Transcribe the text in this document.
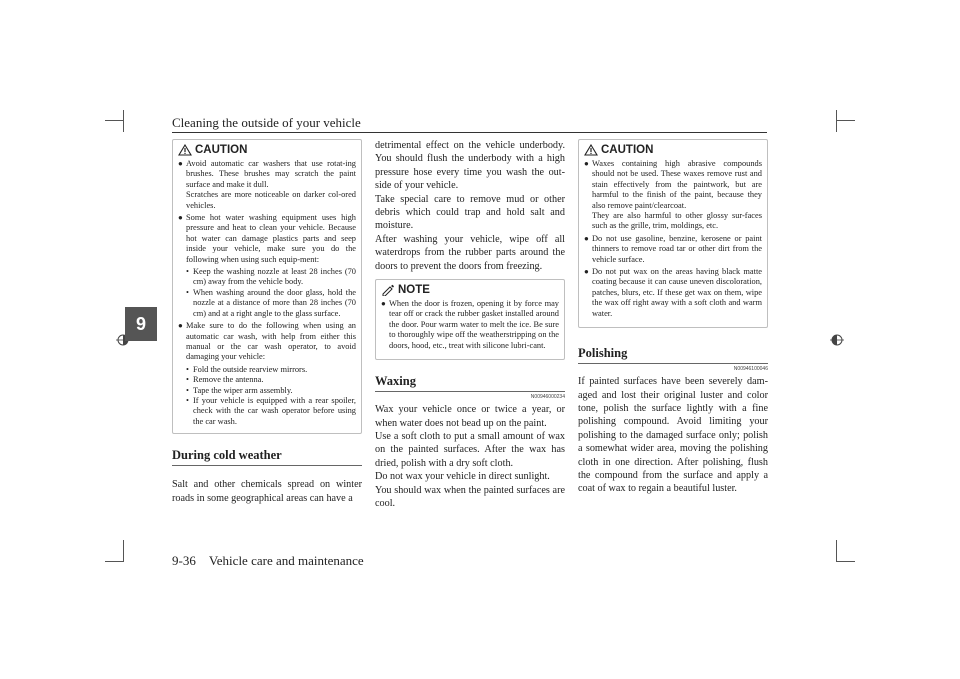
Cleaning the outside of your vehicle
9
CAUTION
● Avoid automatic car washers that use rotat-ing brushes. These brushes may scratch the paint surface and make it dull.
Scratches are more noticeable on darker col-ored vehicles.
● Some hot water washing equipment uses high pressure and heat to clean your vehicle. Because hot water can damage plastics parts and seep inside your vehicle, make sure you do the following when using such equip-ment:
• Keep the washing nozzle at least 28 inches (70 cm) away from the vehicle body.
• When washing around the door glass, hold the nozzle at a distance of more than 28 inches (70 cm) and at a right angle to the glass surface.
● Make sure to do the following when using an automatic car wash, with help from either this manual or the car wash operator, to avoid damaging your vehicle:
• Fold the outside rearview mirrors.
• Remove the antenna.
• Tape the wiper arm assembly.
• If your vehicle is equipped with a rear spoiler, check with the car wash operator before using the car wash.
During cold weather
Salt and other chemicals spread on winter roads in some geographical areas can have a
detrimental effect on the vehicle underbody. You should flush the underbody with a high pressure hose every time you wash the out-side of your vehicle.
Take special care to remove mud or other debris which could trap and hold salt and moisture.
After washing your vehicle, wipe off all waterdrops from the rubber parts around the doors to prevent the doors from freezing.
NOTE
● When the door is frozen, opening it by force may tear off or crack the rubber gasket installed around the door. Pour warm water to melt the ice. Be sure to thoroughly wipe off the weatherstripping on the doors, hood, etc., treat with silicone lubri-cant.
Waxing
N00946000234
Wax your vehicle once or twice a year, or when water does not bead up on the paint.
Use a soft cloth to put a small amount of wax on the painted surfaces. After the wax has dried, polish with a dry soft cloth.
Do not wax your vehicle in direct sunlight.
You should wax when the painted surfaces are cool.
CAUTION
● Waxes containing high abrasive compounds should not be used. These waxes remove rust and stain effectively from the paintwork, but are harmful to the finish of the paint, because they also remove paint/clearcoat.
They are also harmful to other glossy sur-faces such as the grille, trim, moldings, etc.
● Do not use gasoline, benzine, kerosene or paint thinners to remove road tar or other dirt from the vehicle surface.
● Do not put wax on the areas having black matte coating because it can cause uneven discoloration, patches, blurs, etc. If these get wax on them, wipe the wax off right away with a soft cloth and warm water.
Polishing
N00946100046
If painted surfaces have been severely dam-aged and lost their original luster and color tone, polish the surface lightly with a fine polishing compound. Avoid limiting your polishing to the damaged surface only; polish a somewhat wider area, moving the polishing cloth in one direction. After polishing, flush the compound from the surface and apply a coat of wax to regain a beautiful luster.
9-36 Vehicle care and maintenance
